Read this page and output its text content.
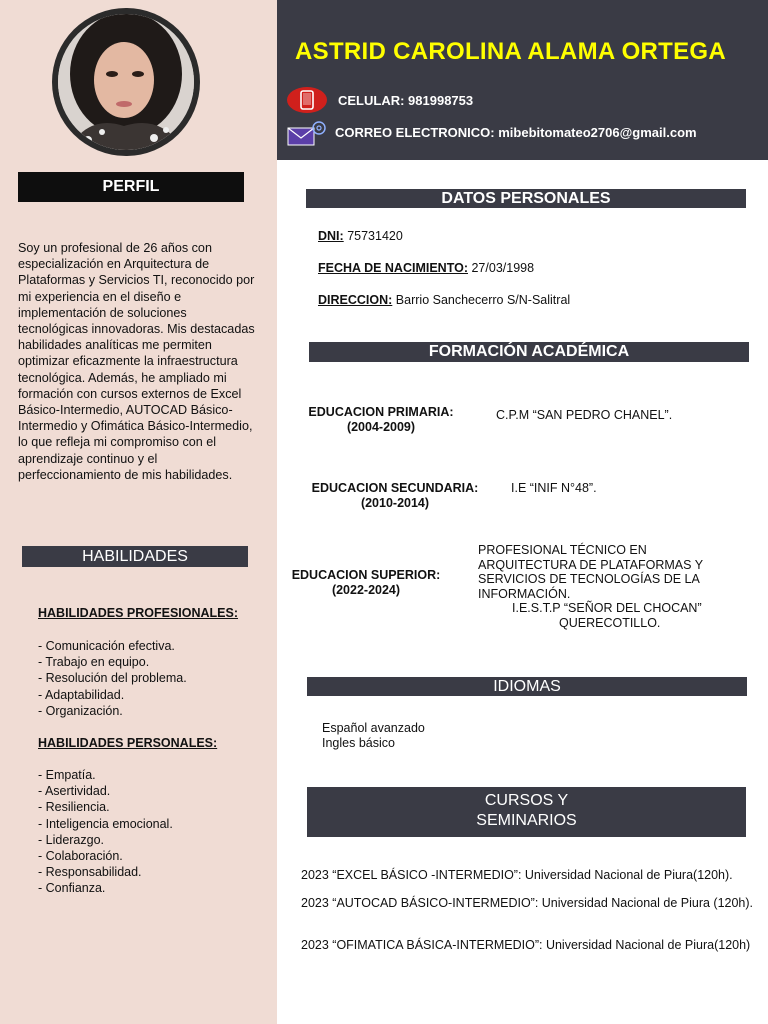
ASTRID CAROLINA ALAMA ORTEGA
CELULAR: 981998753
CORREO ELECTRONICO: mibebitomateo2706@gmail.com
PERFIL
Soy un profesional de 26 años con especialización en Arquitectura de Plataformas y Servicios TI, reconocido por mi experiencia en el diseño e implementación de soluciones tecnológicas innovadoras. Mis destacadas habilidades analíticas me permiten optimizar eficazmente la infraestructura tecnológica. Además, he ampliado mi formación con cursos externos de Excel Básico-Intermedio, AUTOCAD Básico-Intermedio y Ofimática Básico-Intermedio, lo que refleja mi compromiso con el aprendizaje continuo y el perfeccionamiento de mis habilidades.
HABILIDADES
HABILIDADES PROFESIONALES:
- Comunicación efectiva.
- Trabajo en equipo.
- Resolución del problema.
- Adaptabilidad.
- Organización.
HABILIDADES PERSONALES:
- Empatía.
- Asertividad.
- Resiliencia.
- Inteligencia emocional.
- Liderazgo.
- Colaboración.
- Responsabilidad.
- Confianza.
DATOS PERSONALES
DNI: 75731420
FECHA DE NACIMIENTO: 27/03/1998
DIRECCION: Barrio Sanchecerro S/N-Salitral
FORMACIÓN ACADÉMICA
EDUCACION PRIMARIA:
(2004-2009)
C.P.M “SAN PEDRO CHANEL”.
EDUCACION SECUNDARIA:
(2010-2014)
I.E “INIF N°48”.
EDUCACION SUPERIOR:
(2022-2024)
PROFESIONAL TÉCNICO EN
ARQUITECTURA DE PLATAFORMAS Y
SERVICIOS DE TECNOLOGÍAS DE LA
INFORMACIÓN.
I.E.S.T.P “SEÑOR DEL CHOCAN”
QUERECOTILLO.
IDIOMAS
Español avanzado
Ingles básico
CURSOS Y
SEMINARIOS
2023 “EXCEL BÁSICO -INTERMEDIO”: Universidad Nacional de Piura(120h).
2023 “AUTOCAD BÁSICO-INTERMEDIO”: Universidad Nacional de Piura (120h).
2023 “OFIMATICA BÁSICA-INTERMEDIO”: Universidad Nacional de Piura(120h)
